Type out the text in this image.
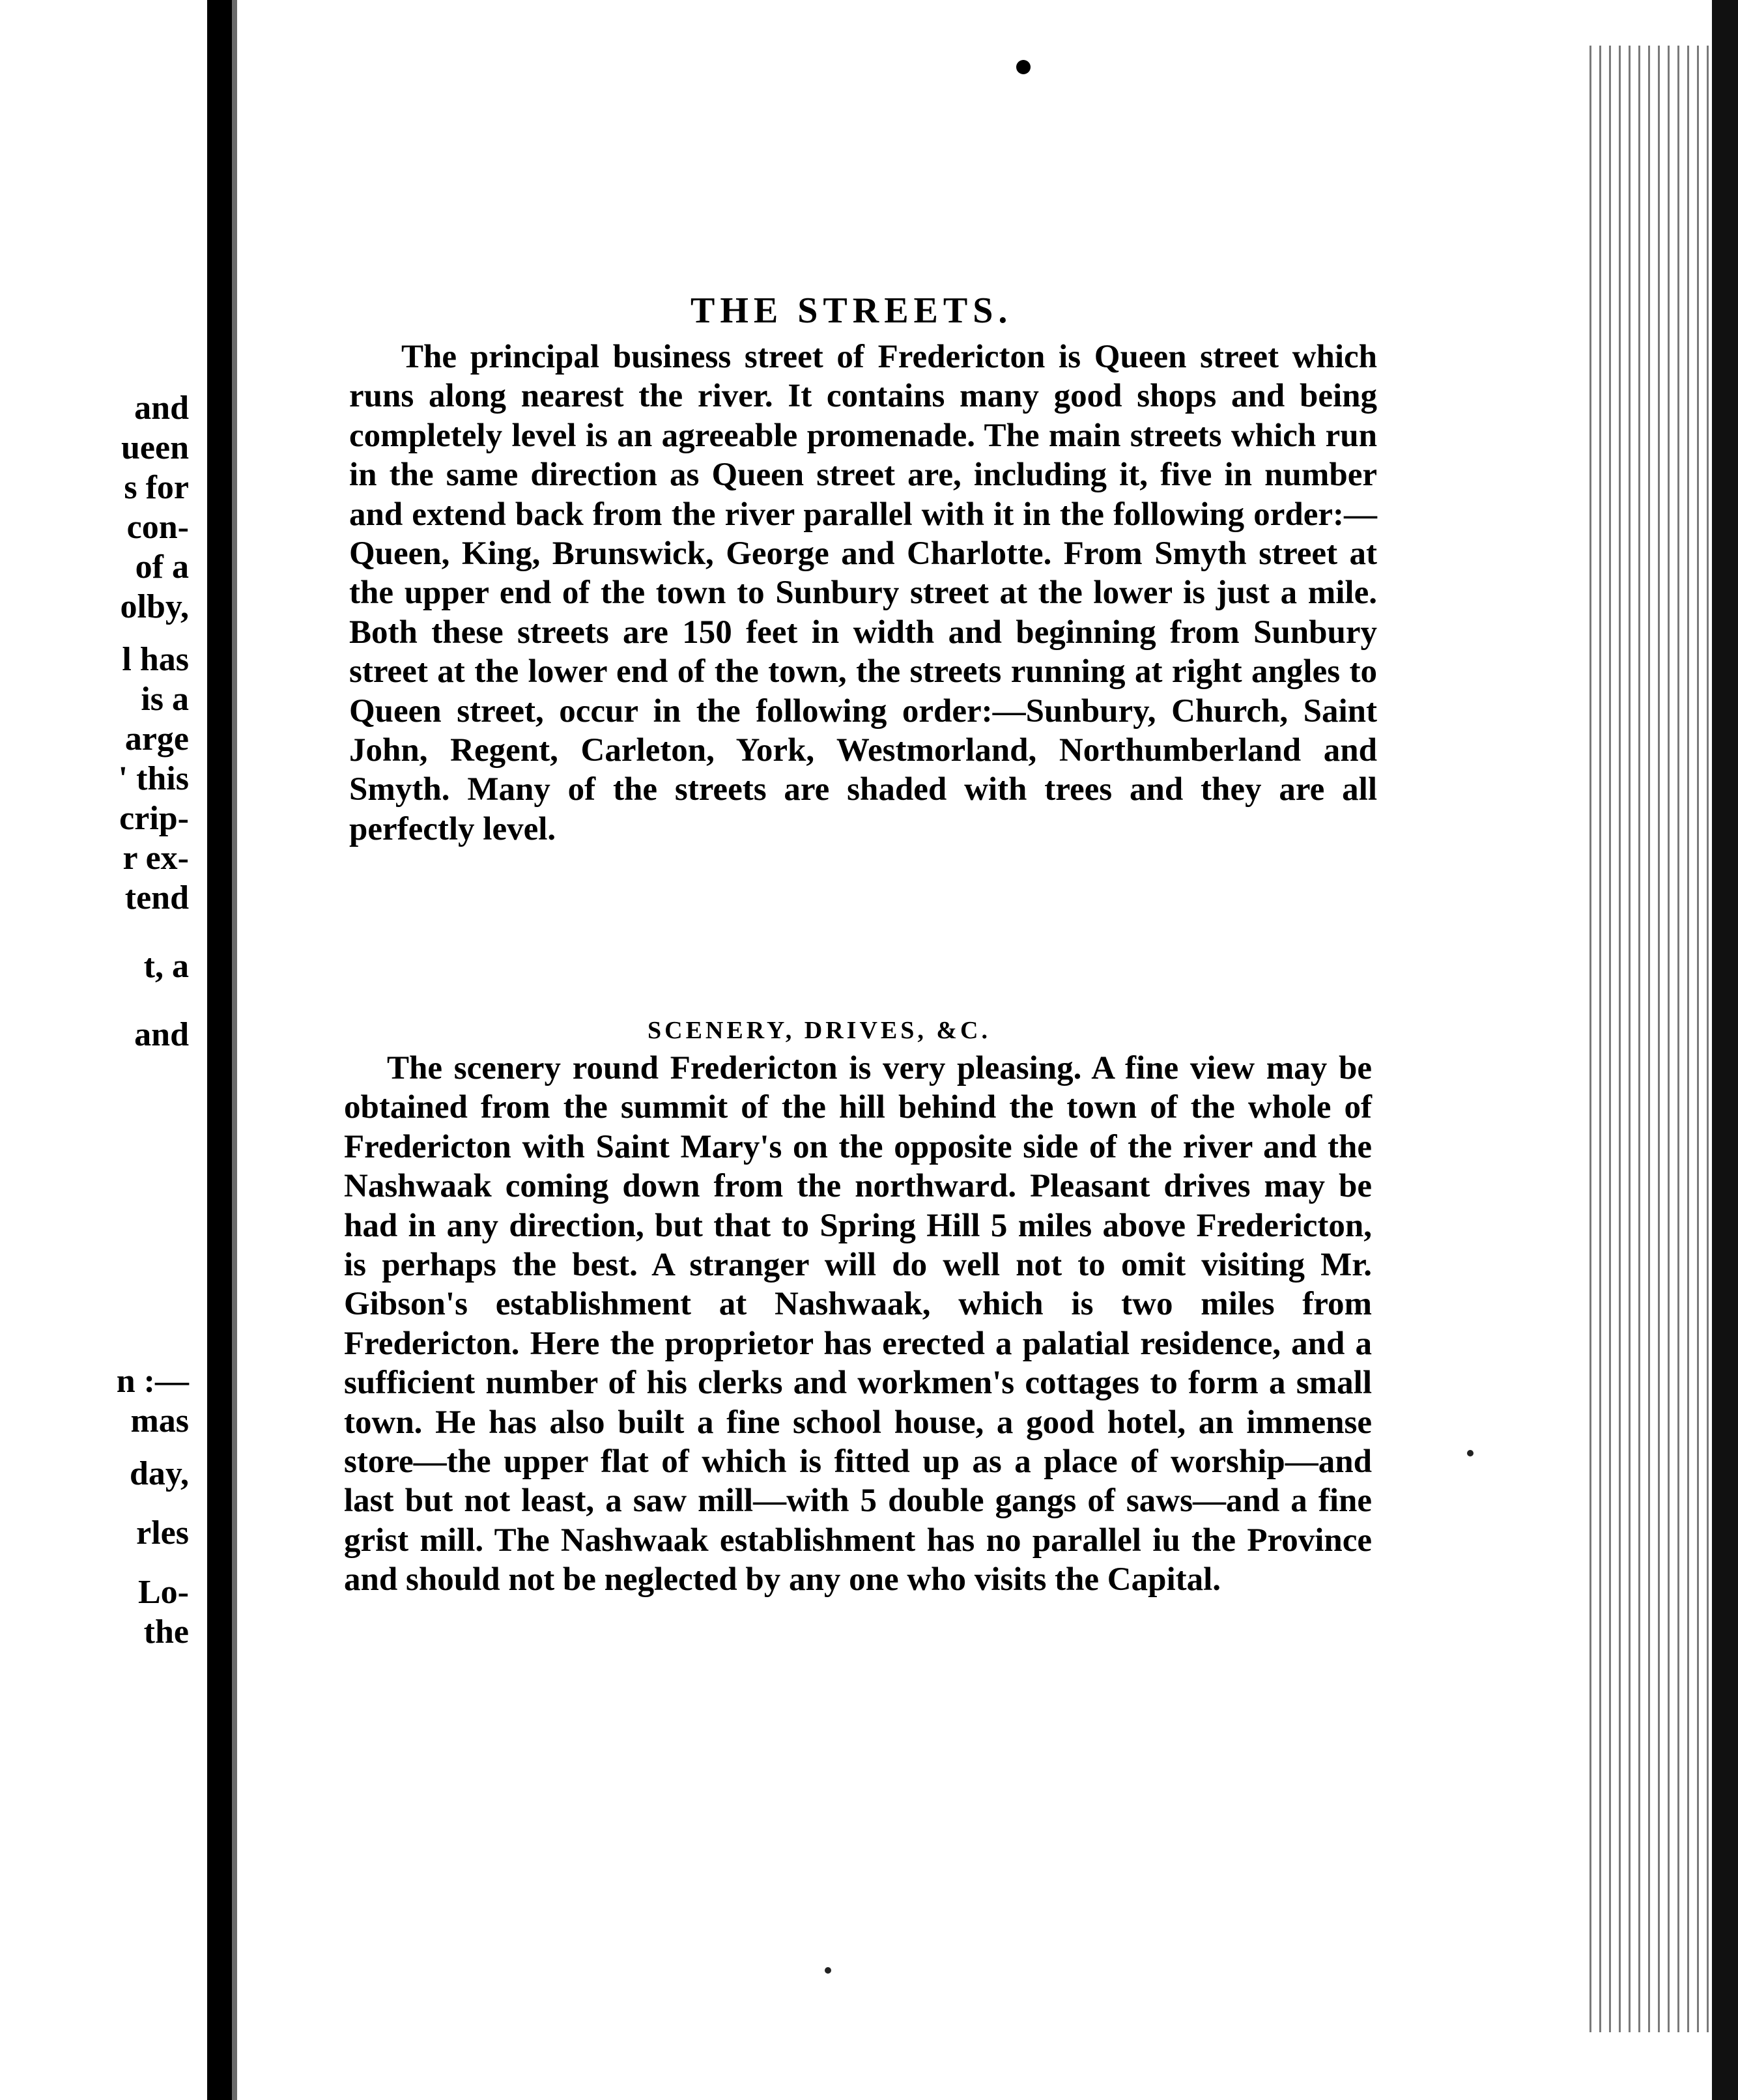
and
ueen
s for
con-
of a
olby,
l has
is a
arge
' this
crip-
r ex-
tend
t, a
and
n :—
mas
day,
rles
Lo-
the
THE STREETS.

The principal business street of Fredericton is Queen street which runs along nearest the river. It contains many good shops and being completely level is an agreeable promenade. The main streets which run in the same direction as Queen street are, including it, five in number and extend back from the river parallel with it in the following order:—Queen, King, Brunswick, George and Charlotte. From Smyth street at the upper end of the town to Sunbury street at the lower is just a mile. Both these streets are 150 feet in width and beginning from Sunbury street at the lower end of the town, the streets running at right angles to Queen street, occur in the following order:—Sunbury, Church, Saint John, Regent, Carleton, York, Westmorland, Northumberland and Smyth. Many of the streets are shaded with trees and they are all perfectly level.

SCENERY, DRIVES, &C.

The scenery round Fredericton is very pleasing. A fine view may be obtained from the summit of the hill behind the town of the whole of Fredericton with Saint Mary's on the opposite side of the river and the Nashwaak coming down from the northward. Pleasant drives may be had in any direction, but that to Spring Hill 5 miles above Fredericton, is perhaps the best. A stranger will do well not to omit visiting Mr. Gibson's establishment at Nashwaak, which is two miles from Fredericton. Here the proprietor has erected a palatial residence, and a sufficient number of his clerks and workmen's cottages to form a small town. He has also built a fine school house, a good hotel, an immense store—the upper flat of which is fitted up as a place of worship—and last but not least, a saw mill—with 5 double gangs of saws—and a fine grist mill. The Nashwaak establishment has no parallel iu the Province and should not be neglected by any one who visits the Capital.
